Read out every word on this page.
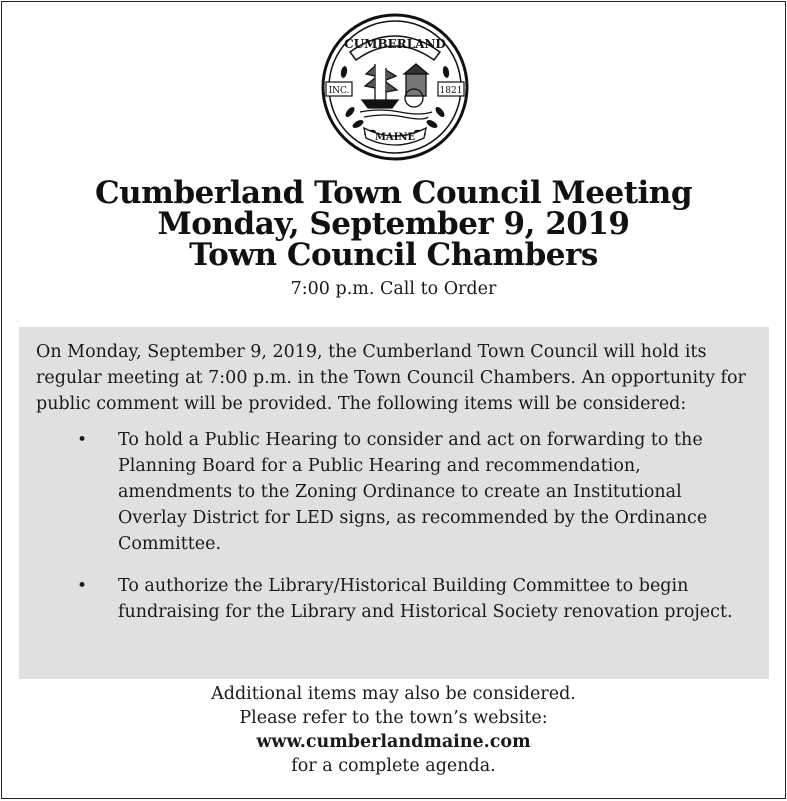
CUMBERLAND
INC.	1821
MAINE
Cumberland Town Council Meeting
Monday, September 9, 2019
Town Council Chambers
7:00 p.m. Call to Order

On Monday, September 9, 2019, the Cumberland Town Council will hold its regular meeting at 7:00 p.m. in the Town Council Chambers. An opportunity for public comment will be provided. The following items will be considered:

• To hold a Public Hearing to consider and act on forwarding to the Planning Board for a Public Hearing and recommendation, amendments to the Zoning Ordinance to create an Institutional Overlay District for LED signs, as recommended by the Ordinance Committee.
• To authorize the Library/Historical Building Committee to begin fundraising for the Library and Historical Society renovation project.
Additional items may also be considered.
Please refer to the town’s website:
www.cumberlandmaine.com
for a complete agenda.
